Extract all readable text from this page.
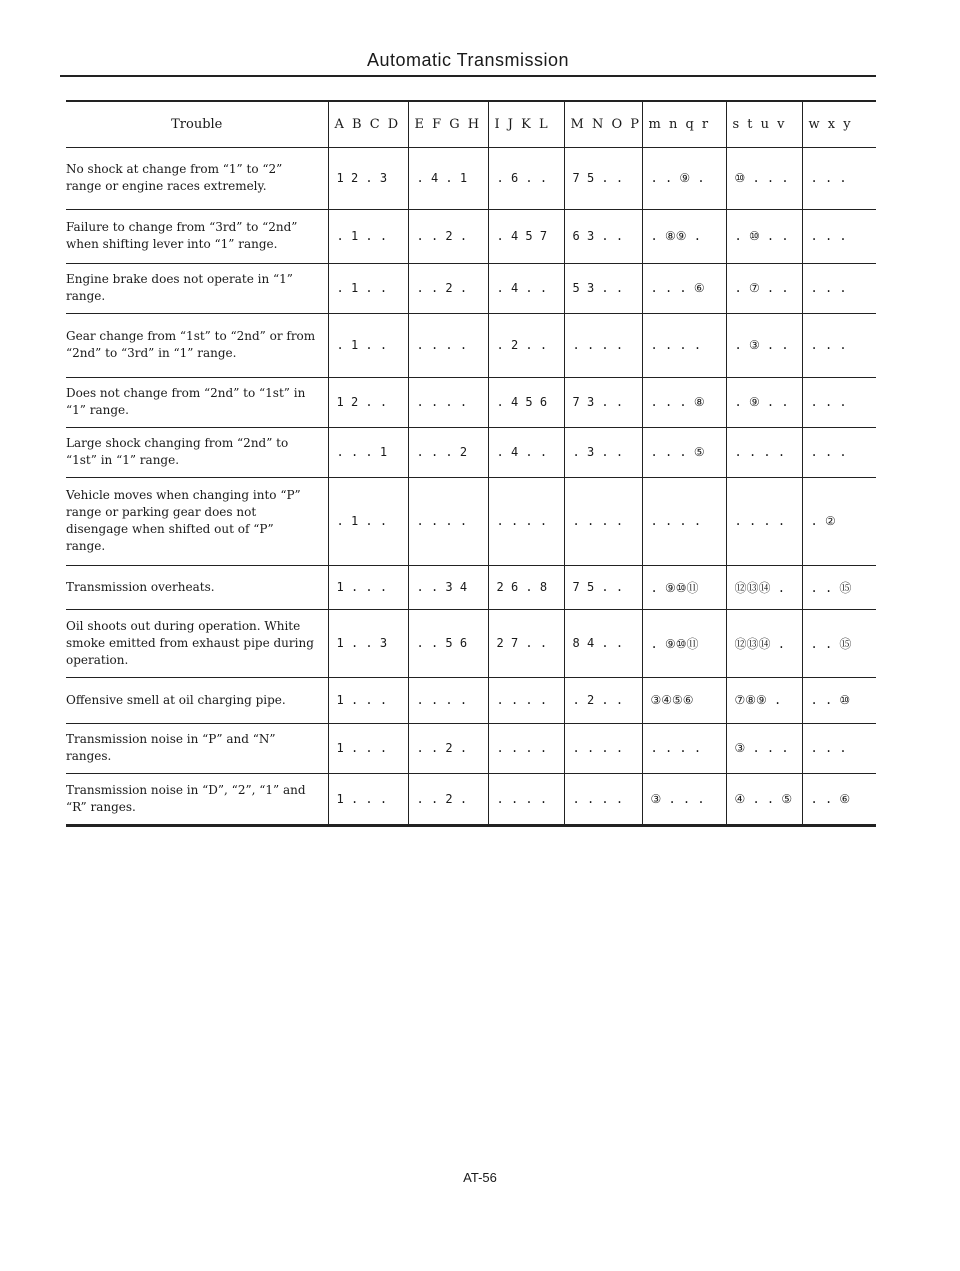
Automatic Transmission
Trouble	A B C D	E F G H	I J K L	M N O P	m n q r	s t u v	w x y
No shock at change from “1” to “2” range or engine races extremely.	1 2 . 3	. 4 . 1	. 6 . .	7 5 . .	. . ⑨ .	⑩ . . .	. . .
Failure to change from “3rd” to “2nd” when shifting lever into “1” range.	. 1 . .	. . 2 .	. 4 5 7	6 3 . .	. ⑧⑨ .	. ⑩ . .	. . .
Engine brake does not operate in “1” range.	. 1 . .	. . 2 .	. 4 . .	5 3 . .	. . . ⑥	. ⑦ . .	. . .
Gear change from “1st” to “2nd” or from “2nd” to “3rd” in “1” range.	. 1 . .	. . . .	. 2 . .	. . . .	. . . .	. ③ . .	. . .
Does not change from “2nd” to “1st” in “1” range.	1 2 . .	. . . .	. 4 5 6	7 3 . .	. . . ⑧	. ⑨ . .	. . .
Large shock changing from “2nd” to “1st” in “1” range.	. . . 1	. . . 2	. 4 . .	. 3 . .	. . . ⑤	. . . .	. . .
Vehicle moves when changing into “P” range or parking gear does not disengage when shifted out of “P” range.	. 1 . .	. . . .	. . . .	. . . .	. . . .	. . . .	. ②
Transmission overheats.	1 . . .	. . 3 4	2 6 . 8	7 5 . .	. ⑨⑩⑪	⑫⑬⑭ .	. . ⑮
Oil shoots out during operation. White smoke emitted from exhaust pipe during operation.	1 . . 3	. . 5 6	2 7 . .	8 4 . .	. ⑨⑩⑪	⑫⑬⑭ .	. . ⑮
Offensive smell at oil charging pipe.	1 . . .	. . . .	. . . .	. 2 . .	③④⑤⑥	⑦⑧⑨ .	. . ⑩
Transmission noise in “P” and “N” ranges.	1 . . .	. . 2 .	. . . .	. . . .	. . . .	③ . . .	. . .
Transmission noise in “D”, “2”, “1” and “R” ranges.	1 . . .	. . 2 .	. . . .	. . . .	③ . . .	④ . . ⑤	. . ⑥
AT-56
